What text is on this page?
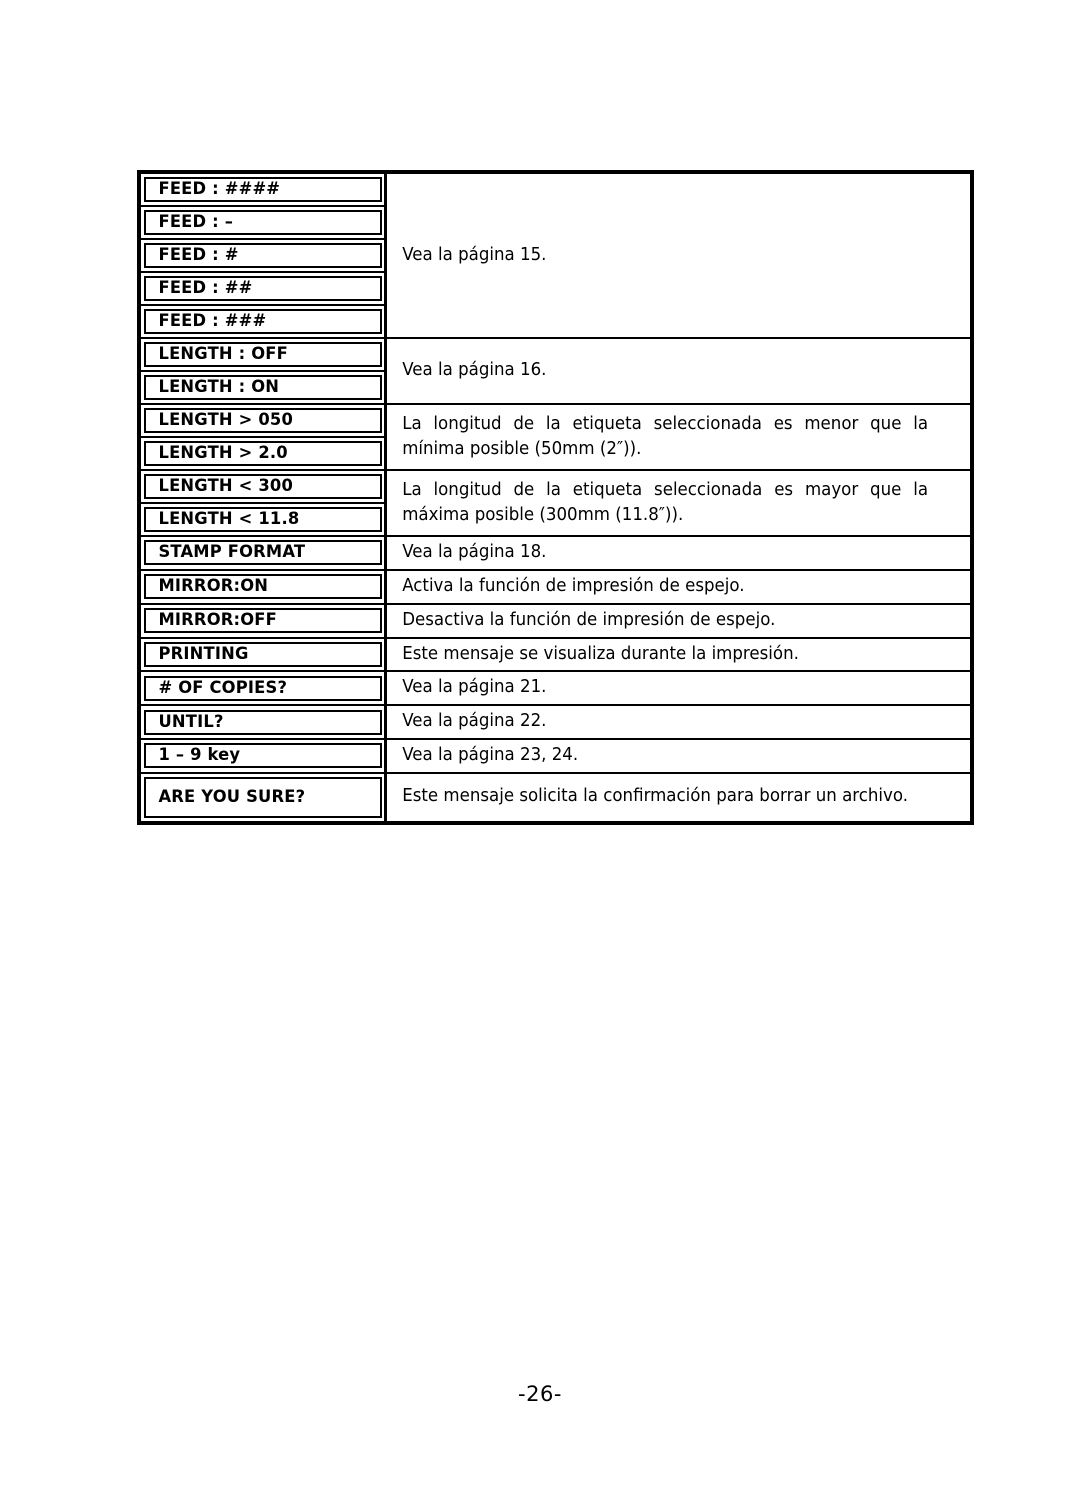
FEED : ####	Vea la página 15.

FEED : –	

FEED : #	

FEED : ##	

FEED : ###	

LENGTH : OFF	Vea la página 16.

LENGTH : ON	

LENGTH > 050	La longitud de la etiqueta seleccionada es menor que la mínima posible (50mm (2″)).

LENGTH > 2.0	

LENGTH < 300	La longitud de la etiqueta seleccionada es mayor que la máxima posible (300mm (11.8″)).

LENGTH < 11.8	

STAMP FORMAT	Vea la página 18.

MIRROR:ON	Activa la función de impresión de espejo.

MIRROR:OFF	Desactiva la función de impresión de espejo.

PRINTING	Este mensaje se visualiza durante la impresión.

# OF COPIES?	Vea la página 21.

UNTIL?	Vea la página 22.

1 – 9 key	Vea la página 23, 24.

ARE YOU SURE?	Este mensaje solicita la confirmación para borrar un archivo.
-26-
